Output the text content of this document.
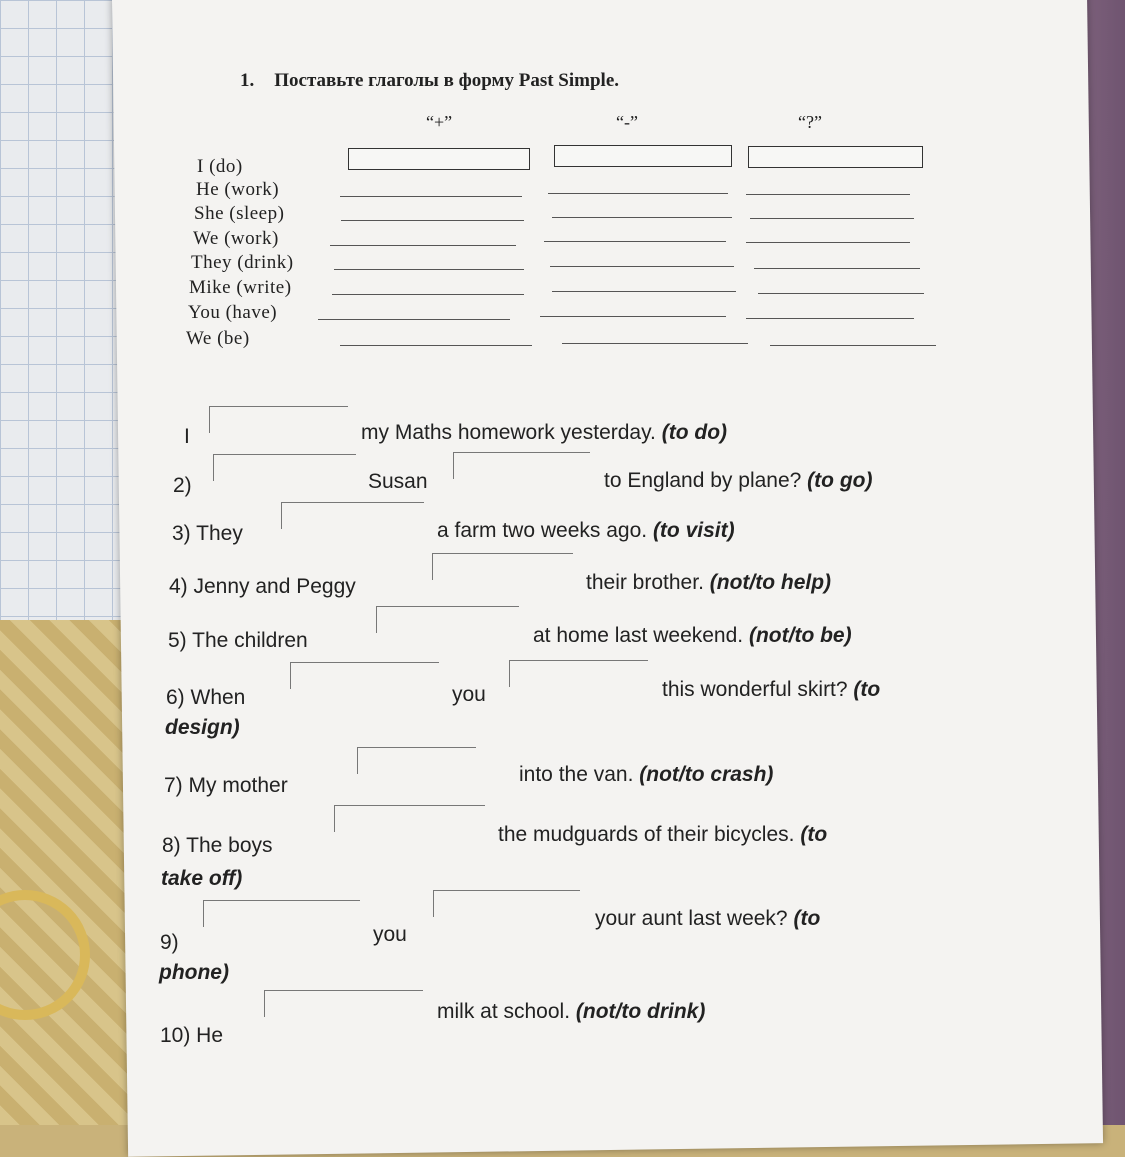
1. Поставьте глаголы в форму Past Simple.
“+”	“-”	“?”
I (do)
He (work)
She (sleep)
We (work)
They (drink)
Mike (write)
You (have)
We (be)
I	my Maths homework yesterday. (to do)
2)	Susan	to England by plane? (to go)
3) They	a farm two weeks ago. (to visit)
4) Jenny and Peggy	their brother. (not/to help)
5) The children	at home last weekend. (not/to be)
6) When	you	this wonderful skirt? (to
design)
7) My mother	into the van. (not/to crash)
8) The boys	the mudguards of their bicycles. (to
take off)
9)	you
your aunt last week? (to
phone)
10) He
milk at school. (not/to drink)
